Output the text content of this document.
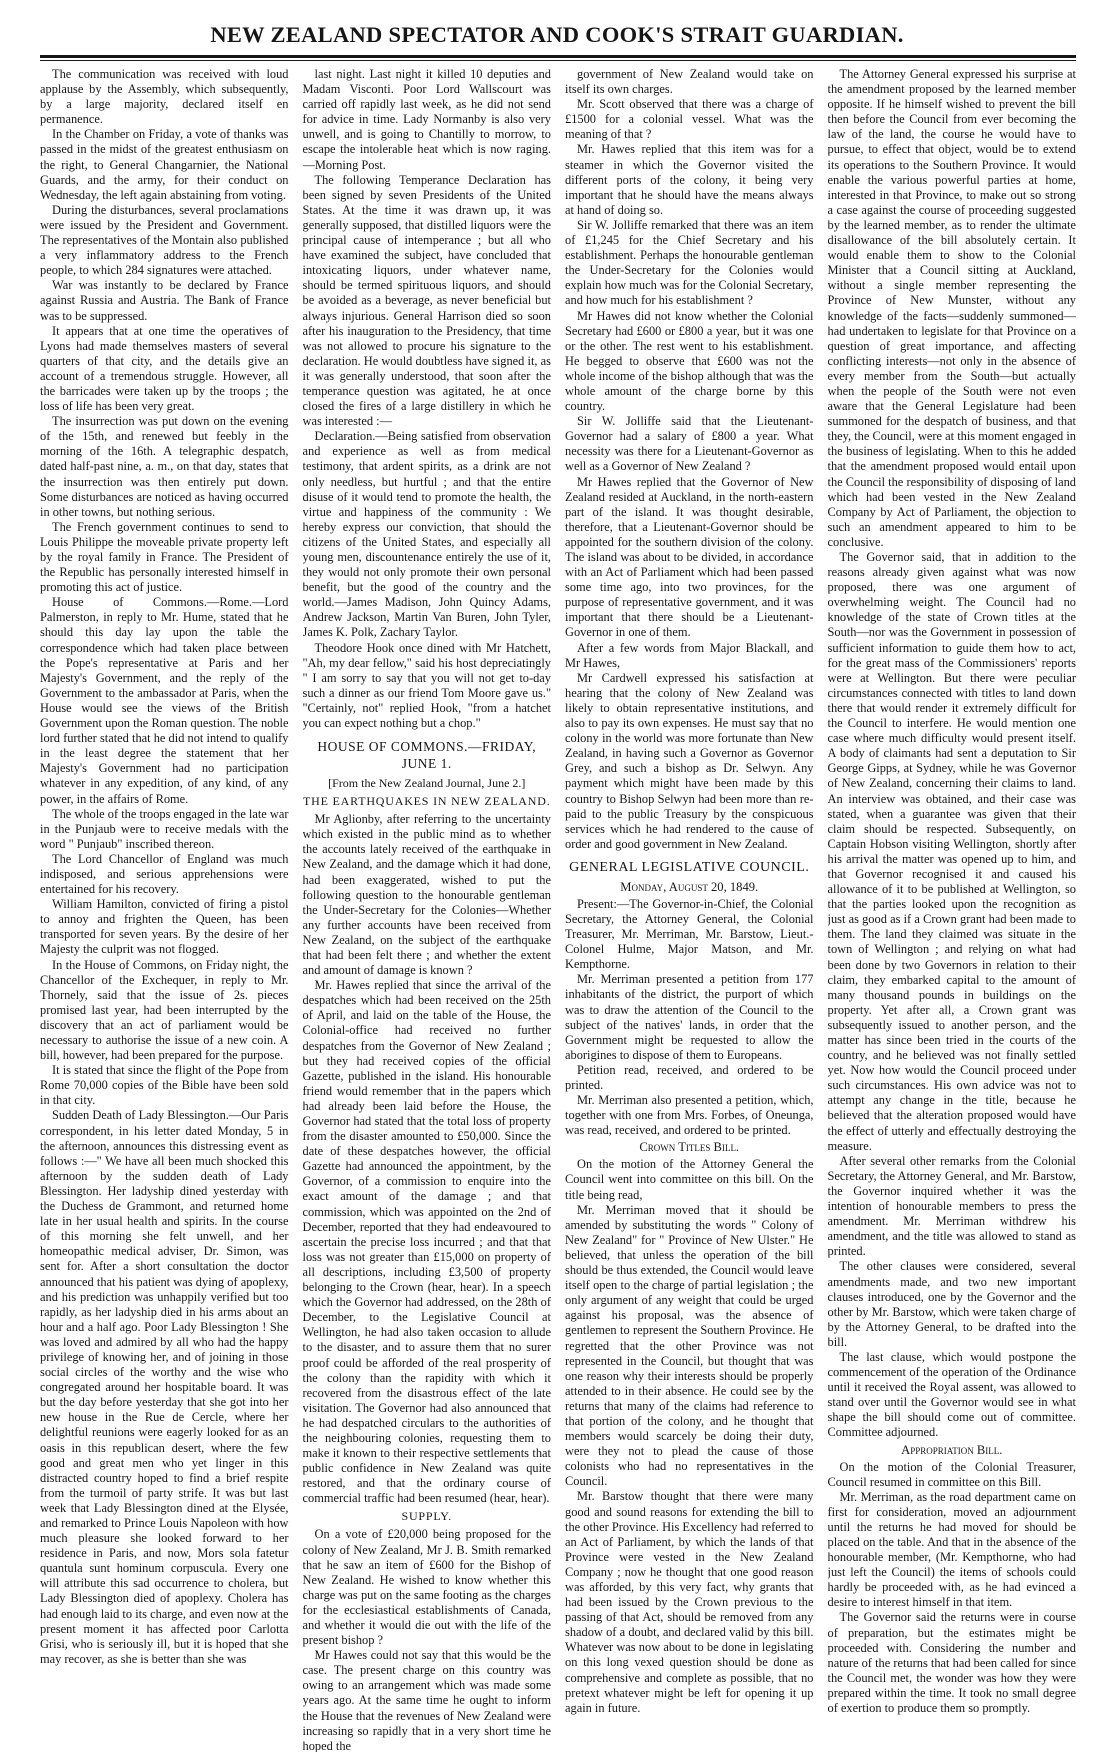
NEW ZEALAND SPECTATOR AND COOK'S STRAIT GUARDIAN.

The communication was received with loud applause by the Assembly, which subsequently, by a large majority, declared itself en permanence.

In the Chamber on Friday, a vote of thanks was passed in the midst of the greatest enthusiasm on the right, to General Changarnier, the National Guards, and the army, for their conduct on Wednesday, the left again abstaining from voting.

During the disturbances, several proclamations were issued by the President and Government. The representatives of the Montain also published a very inflammatory address to the French people, to which 284 signatures were attached.

War was instantly to be declared by France against Russia and Austria. The Bank of France was to be suppressed.

It appears that at one time the operatives of Lyons had made themselves masters of several quarters of that city, and the details give an account of a tremendous struggle. However, all the barricades were taken up by the troops ; the loss of life has been very great.

The insurrection was put down on the evening of the 15th, and renewed but feebly in the morning of the 16th. A telegraphic despatch, dated half-past nine, a. m., on that day, states that the insurrection was then entirely put down. Some disturbances are noticed as having occurred in other towns, but nothing serious.

The French government continues to send to Louis Philippe the moveable private property left by the royal family in France. The President of the Republic has personally interested himself in promoting this act of justice.

House of Commons.—Rome.—Lord Palmerston, in reply to Mr. Hume, stated that he should this day lay upon the table the correspondence which had taken place between the Pope's representative at Paris and her Majesty's Government, and the reply of the Government to the ambassador at Paris, when the House would see the views of the British Government upon the Roman question. The noble lord further stated that he did not intend to qualify in the least degree the statement that her Majesty's Government had no participation whatever in any expedition, of any kind, of any power, in the affairs of Rome.

The whole of the troops engaged in the late war in the Punjaub were to receive medals with the word " Punjaub" inscribed thereon.

The Lord Chancellor of England was much indisposed, and serious apprehensions were entertained for his recovery.

William Hamilton, convicted of firing a pistol to annoy and frighten the Queen, has been transported for seven years. By the desire of her Majesty the culprit was not flogged.

In the House of Commons, on Friday night, the Chancellor of the Exchequer, in reply to Mr. Thornely, said that the issue of 2s. pieces promised last year, had been interrupted by the discovery that an act of parliament would be necessary to authorise the issue of a new coin. A bill, however, had been prepared for the purpose.

It is stated that since the flight of the Pope from Rome 70,000 copies of the Bible have been sold in that city.

Sudden Death of Lady Blessington.—Our Paris correspondent, in his letter dated Monday, 5 in the afternoon, announces this distressing event as follows :—" We have all been much shocked this afternoon by the sudden death of Lady Blessington. Her ladyship dined yesterday with the Duchess de Grammont, and returned home late in her usual health and spirits. In the course of this morning she felt unwell, and her homeopathic medical adviser, Dr. Simon, was sent for. After a short consultation the doctor announced that his patient was dying of apoplexy, and his prediction was unhappily verified but too rapidly, as her ladyship died in his arms about an hour and a half ago. Poor Lady Blessington ! She was loved and admired by all who had the happy privilege of knowing her, and of joining in those social circles of the worthy and the wise who congregated around her hospitable board. It was but the day before yesterday that she got into her new house in the Rue de Cercle, where her delightful reunions were eagerly looked for as an oasis in this republican desert, where the few good and great men who yet linger in this distracted country hoped to find a brief respite from the turmoil of party strife. It was but last week that Lady Blessington dined at the Elysée, and remarked to Prince Louis Napoleon with how much pleasure she looked forward to her residence in Paris, and now, Mors sola fatetur quantula sunt hominum corpuscula. Every one will attribute this sad occurrence to cholera, but Lady Blessington died of apoplexy. Cholera has had enough laid to its charge, and even now at the present moment it has affected poor Carlotta Grisi, who is seriously ill, but it is hoped that she may recover, as she is better than she was

last night. Last night it killed 10 deputies and Madam Visconti. Poor Lord Wallscourt was carried off rapidly last week, as he did not send for advice in time. Lady Normanby is also very unwell, and is going to Chantilly to morrow, to escape the intolerable heat which is now raging.—Morning Post.

The following Temperance Declaration has been signed by seven Presidents of the United States. At the time it was drawn up, it was generally supposed, that distilled liquors were the principal cause of intemperance ; but all who have examined the subject, have concluded that intoxicating liquors, under whatever name, should be termed spirituous liquors, and should be avoided as a beverage, as never beneficial but always injurious. General Harrison died so soon after his inauguration to the Presidency, that time was not allowed to procure his signature to the declaration. He would doubtless have signed it, as it was generally understood, that soon after the temperance question was agitated, he at once closed the fires of a large distillery in which he was interested :—

Declaration.—Being satisfied from observation and experience as well as from medical testimony, that ardent spirits, as a drink are not only needless, but hurtful ; and that the entire disuse of it would tend to promote the health, the virtue and happiness of the community : We hereby express our conviction, that should the citizens of the United States, and especially all young men, discountenance entirely the use of it, they would not only promote their own personal benefit, but the good of the country and the world.—James Madison, John Quincy Adams, Andrew Jackson, Martin Van Buren, John Tyler, James K. Polk, Zachary Taylor.

Theodore Hook once dined with Mr Hatchett, "Ah, my dear fellow," said his host depreciatingly " I am sorry to say that you will not get to-day such a dinner as our friend Tom Moore gave us." "Certainly, not" replied Hook, "from a hatchet you can expect nothing but a chop."

HOUSE OF COMMONS.—FRIDAY, JUNE 1.
[From the New Zealand Journal, June 2.]
THE EARTHQUAKES IN NEW ZEALAND.

Mr Aglionby, after referring to the uncertainty which existed in the public mind as to whether the accounts lately received of the earthquake in New Zealand, and the damage which it had done, had been exaggerated, wished to put the following question to the honourable gentleman the Under-Secretary for the Colonies—Whether any further accounts have been received from New Zealand, on the subject of the earthquake that had been felt there ; and whether the extent and amount of damage is known ?

Mr. Hawes replied that since the arrival of the despatches which had been received on the 25th of April, and laid on the table of the House, the Colonial-office had received no further despatches from the Governor of New Zealand ; but they had received copies of the official Gazette, published in the island. His honourable friend would remember that in the papers which had already been laid before the House, the Governor had stated that the total loss of property from the disaster amounted to £50,000. Since the date of these despatches however, the official Gazette had announced the appointment, by the Governor, of a commission to enquire into the exact amount of the damage ; and that commission, which was appointed on the 2nd of December, reported that they had endeavoured to ascertain the precise loss incurred ; and that that loss was not greater than £15,000 on property of all descriptions, including £3,500 of property belonging to the Crown (hear, hear). In a speech which the Governor had addressed, on the 28th of December, to the Legislative Council at Wellington, he had also taken occasion to allude to the disaster, and to assure them that no surer proof could be afforded of the real prosperity of the colony than the rapidity with which it recovered from the disastrous effect of the late visitation. The Governor had also announced that he had despatched circulars to the authorities of the neighbouring colonies, requesting them to make it known to their respective settlements that public confidence in New Zealand was quite restored, and that the ordinary course of commercial traffic had been resumed (hear, hear).

SUPPLY.

On a vote of £20,000 being proposed for the colony of New Zealand, Mr J. B. Smith remarked that he saw an item of £600 for the Bishop of New Zealand. He wished to know whether this charge was put on the same footing as the charges for the ecclesiastical establishments of Canada, and whether it would die out with the life of the present bishop ?

Mr Hawes could not say that this would be the case. The present charge on this country was owing to an arrangement which was made some years ago. At the same time he ought to inform the House that the revenues of New Zealand were increasing so rapidly that in a very short time he hoped the

government of New Zealand would take on itself its own charges.

Mr. Scott observed that there was a charge of £1500 for a colonial vessel. What was the meaning of that ?

Mr. Hawes replied that this item was for a steamer in which the Governor visited the different ports of the colony, it being very important that he should have the means always at hand of doing so.

Sir W. Jolliffe remarked that there was an item of £1,245 for the Chief Secretary and his establishment. Perhaps the honourable gentleman the Under-Secretary for the Colonies would explain how much was for the Colonial Secretary, and how much for his establishment ?

Mr Hawes did not know whether the Colonial Secretary had £600 or £800 a year, but it was one or the other. The rest went to his establishment. He begged to observe that £600 was not the whole income of the bishop although that was the whole amount of the charge borne by this country.

Sir W. Jolliffe said that the Lieutenant-Governor had a salary of £800 a year. What necessity was there for a Lieutenant-Governor as well as a Governor of New Zealand ?

Mr Hawes replied that the Governor of New Zealand resided at Auckland, in the north-eastern part of the island. It was thought desirable, therefore, that a Lieutenant-Governor should be appointed for the southern division of the colony. The island was about to be divided, in accordance with an Act of Parliament which had been passed some time ago, into two provinces, for the purpose of representative government, and it was important that there should be a Lieutenant-Governor in one of them.

After a few words from Major Blackall, and Mr Hawes,

Mr Cardwell expressed his satisfaction at hearing that the colony of New Zealand was likely to obtain representative institutions, and also to pay its own expenses. He must say that no colony in the world was more fortunate than New Zealand, in having such a Governor as Governor Grey, and such a bishop as Dr. Selwyn. Any payment which might have been made by this country to Bishop Selwyn had been more than re-paid to the public Treasury by the conspicuous services which he had rendered to the cause of order and good government in New Zealand.

GENERAL LEGISLATIVE COUNCIL.
Monday, August 20, 1849.

Present:—The Governor-in-Chief, the Colonial Secretary, the Attorney General, the Colonial Treasurer, Mr. Merriman, Mr. Barstow, Lieut.-Colonel Hulme, Major Matson, and Mr. Kempthorne.

Mr. Merriman presented a petition from 177 inhabitants of the district, the purport of which was to draw the attention of the Council to the subject of the natives' lands, in order that the Government might be requested to allow the aborigines to dispose of them to Europeans.

Petition read, received, and ordered to be printed.

Mr. Merriman also presented a petition, which, together with one from Mrs. Forbes, of Oneunga, was read, received, and ordered to be printed.

Crown Titles Bill.

On the motion of the Attorney General the Council went into committee on this bill. On the title being read,

Mr. Merriman moved that it should be amended by substituting the words " Colony of New Zealand" for " Province of New Ulster." He believed, that unless the operation of the bill should be thus extended, the Council would leave itself open to the charge of partial legislation ; the only argument of any weight that could be urged against his proposal, was the absence of gentlemen to represent the Southern Province. He regretted that the other Province was not represented in the Council, but thought that was one reason why their interests should be properly attended to in their absence. He could see by the returns that many of the claims had reference to that portion of the colony, and he thought that members would scarcely be doing their duty, were they not to plead the cause of those colonists who had no representatives in the Council.

Mr. Barstow thought that there were many good and sound reasons for extending the bill to the other Province. His Excellency had referred to an Act of Parliament, by which the lands of that Province were vested in the New Zealand Company ; now he thought that one good reason was afforded, by this very fact, why grants that had been issued by the Crown previous to the passing of that Act, should be removed from any shadow of a doubt, and declared valid by this bill. Whatever was now about to be done in legislating on this long vexed question should be done as comprehensive and complete as possible, that no pretext whatever might be left for opening it up again in future.

The Attorney General expressed his surprise at the amendment proposed by the learned member opposite. If he himself wished to prevent the bill then before the Council from ever becoming the law of the land, the course he would have to pursue, to effect that object, would be to extend its operations to the Southern Province. It would enable the various powerful parties at home, interested in that Province, to make out so strong a case against the course of proceeding suggested by the learned member, as to render the ultimate disallowance of the bill absolutely certain. It would enable them to show to the Colonial Minister that a Council sitting at Auckland, without a single member representing the Province of New Munster, without any knowledge of the facts—suddenly summoned—had undertaken to legislate for that Province on a question of great importance, and affecting conflicting interests—not only in the absence of every member from the South—but actually when the people of the South were not even aware that the General Legislature had been summoned for the despatch of business, and that they, the Council, were at this moment engaged in the business of legislating. When to this he added that the amendment proposed would entail upon the Council the responsibility of disposing of land which had been vested in the New Zealand Company by Act of Parliament, the objection to such an amendment appeared to him to be conclusive.

The Governor said, that in addition to the reasons already given against what was now proposed, there was one argument of overwhelming weight. The Council had no knowledge of the state of Crown titles at the South—nor was the Government in possession of sufficient information to guide them how to act, for the great mass of the Commissioners' reports were at Wellington. But there were peculiar circumstances connected with titles to land down there that would render it extremely difficult for the Council to interfere. He would mention one case where much difficulty would present itself. A body of claimants had sent a deputation to Sir George Gipps, at Sydney, while he was Governor of New Zealand, concerning their claims to land. An interview was obtained, and their case was stated, when a guarantee was given that their claim should be respected. Subsequently, on Captain Hobson visiting Wellington, shortly after his arrival the matter was opened up to him, and that Governor recognised it and caused his allowance of it to be published at Wellington, so that the parties looked upon the recognition as just as good as if a Crown grant had been made to them. The land they claimed was situate in the town of Wellington ; and relying on what had been done by two Governors in relation to their claim, they embarked capital to the amount of many thousand pounds in buildings on the property. Yet after all, a Crown grant was subsequently issued to another person, and the matter has since been tried in the courts of the country, and he believed was not finally settled yet. Now how would the Council proceed under such circumstances. His own advice was not to attempt any change in the title, because he believed that the alteration proposed would have the effect of utterly and effectually destroying the measure.

After several other remarks from the Colonial Secretary, the Attorney General, and Mr. Barstow, the Governor inquired whether it was the intention of honourable members to press the amendment. Mr. Merriman withdrew his amendment, and the title was allowed to stand as printed.

The other clauses were considered, several amendments made, and two new important clauses introduced, one by the Governor and the other by Mr. Barstow, which were taken charge of by the Attorney General, to be drafted into the bill.

The last clause, which would postpone the commencement of the operation of the Ordinance until it received the Royal assent, was allowed to stand over until the Governor would see in what shape the bill should come out of committee. Committee adjourned.

Appropriation Bill.

On the motion of the Colonial Treasurer, Council resumed in committee on this Bill.

Mr. Merriman, as the road department came on first for consideration, moved an adjournment until the returns he had moved for should be placed on the table. And that in the absence of the honourable member, (Mr. Kempthorne, who had just left the Council) the items of schools could hardly be proceeded with, as he had evinced a desire to interest himself in that item.

The Governor said the returns were in course of preparation, but the estimates might be proceeded with. Considering the number and nature of the returns that had been called for since the Council met, the wonder was how they were prepared within the time. It took no small degree of exertion to produce them so promptly.
